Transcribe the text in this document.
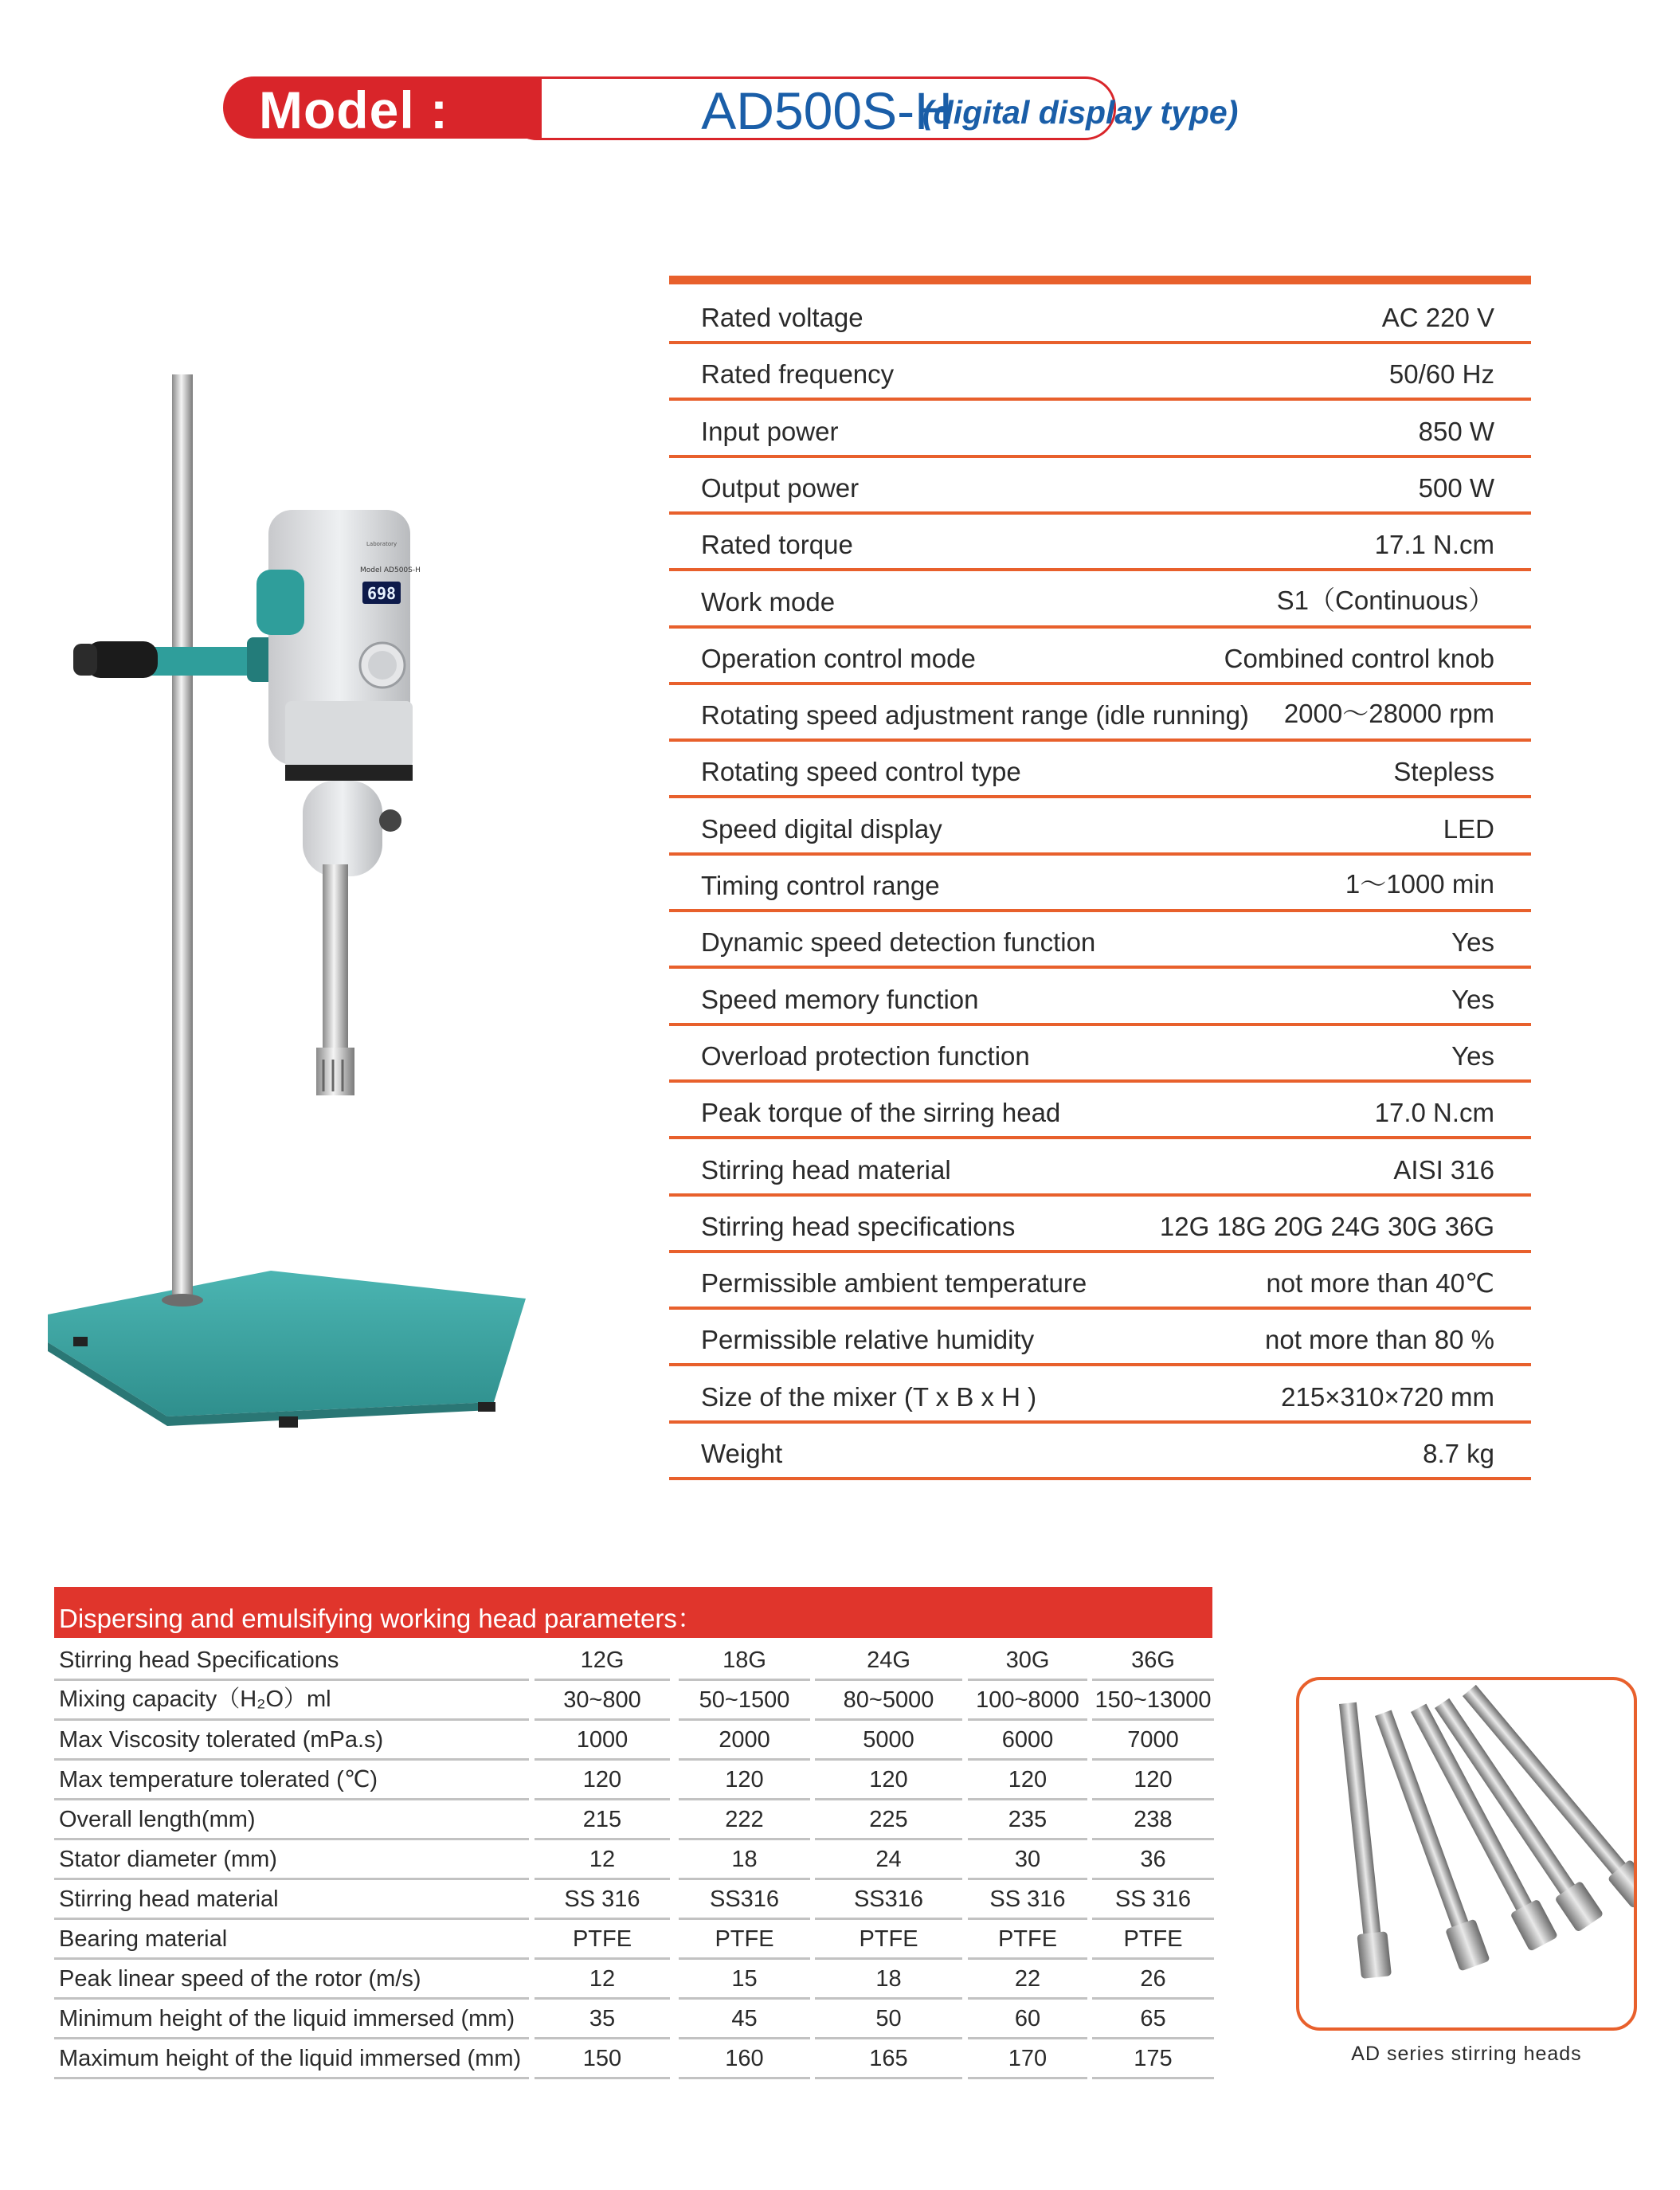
AD500S-H
Model :	(digital display type)
698
Laboratory
Model AD500S-H
Rated voltage	AC 220 V
Rated frequency	50/60 Hz
Input power	850 W
Output power	500 W
Rated torque	17.1 N.cm
Work mode	S1（Continuous）
Operation control mode	Combined control knob
Rotating speed adjustment range (idle running) 2000～28000 rpm
Rotating speed control type	Stepless
Speed digital display	LED
Timing control range	1～1000 min
Dynamic speed detection function	Yes
Speed memory function	Yes
Overload protection function	Yes
Peak torque of the sirring head	17.0 N.cm
Stirring head material	AISI 316
Stirring head specifications	12G 18G 20G 24G 30G 36G
Permissible ambient temperature	not more than 40℃
Permissible relative humidity	not more than 80 %
Size of the mixer (T x B x H )	215×310×720 mm
Weight	8.7 kg
Dispersing and emulsifying working head parameters：
Stirring head Specifications	12G	18G	24G	30G	36G
Mixing capacity（H₂O）ml	30~800	50~1500	80~5000	100~8000 150~13000
Max Viscosity tolerated (mPa.s)	1000	2000	5000	6000	7000
Max temperature tolerated (℃)	120	120	120	120	120
Overall length(mm)	215	222	225	235	238
Stator diameter (mm)	12	18	24	30	36
Stirring head material	SS 316	SS316	SS316	SS 316	SS 316
Bearing material	PTFE	PTFE	PTFE	PTFE	PTFE
Peak linear speed of the rotor (m/s)	12	15	18	22	26
Minimum height of the liquid immersed (mm)	35	45	50	60	65
Maximum height of the liquid immersed (mm)	150	160	165	170	175	AD series stirring heads
